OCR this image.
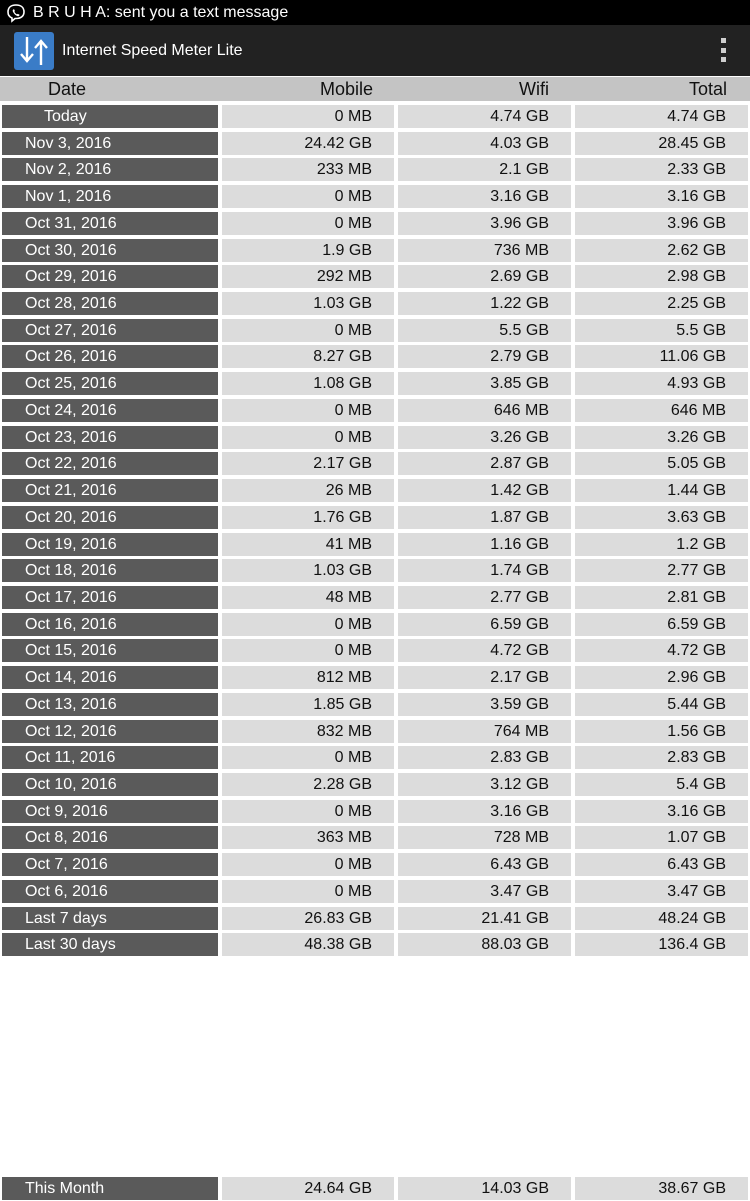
B R U H A: sent you a text message
Internet Speed Meter Lite
Date	Mobile	Wifi	Total
Today	0 MB	4.74 GB	4.74 GB
Nov 3, 2016	24.42 GB	4.03 GB	28.45 GB
Nov 2, 2016	233 MB	2.1 GB	2.33 GB
Nov 1, 2016	0 MB	3.16 GB	3.16 GB
Oct 31, 2016	0 MB	3.96 GB	3.96 GB
Oct 30, 2016	1.9 GB	736 MB	2.62 GB
Oct 29, 2016	292 MB	2.69 GB	2.98 GB
Oct 28, 2016	1.03 GB	1.22 GB	2.25 GB
Oct 27, 2016	0 MB	5.5 GB	5.5 GB
Oct 26, 2016	8.27 GB	2.79 GB	11.06 GB
Oct 25, 2016	1.08 GB	3.85 GB	4.93 GB
Oct 24, 2016	0 MB	646 MB	646 MB
Oct 23, 2016	0 MB	3.26 GB	3.26 GB
Oct 22, 2016	2.17 GB	2.87 GB	5.05 GB
Oct 21, 2016	26 MB	1.42 GB	1.44 GB
Oct 20, 2016	1.76 GB	1.87 GB	3.63 GB
Oct 19, 2016	41 MB	1.16 GB	1.2 GB
Oct 18, 2016	1.03 GB	1.74 GB	2.77 GB
Oct 17, 2016	48 MB	2.77 GB	2.81 GB
Oct 16, 2016	0 MB	6.59 GB	6.59 GB
Oct 15, 2016	0 MB	4.72 GB	4.72 GB
Oct 14, 2016	812 MB	2.17 GB	2.96 GB
Oct 13, 2016	1.85 GB	3.59 GB	5.44 GB
Oct 12, 2016	832 MB	764 MB	1.56 GB
Oct 11, 2016	0 MB	2.83 GB	2.83 GB
Oct 10, 2016	2.28 GB	3.12 GB	5.4 GB
Oct 9, 2016	0 MB	3.16 GB	3.16 GB
Oct 8, 2016	363 MB	728 MB	1.07 GB
Oct 7, 2016	0 MB	6.43 GB	6.43 GB
Oct 6, 2016	0 MB	3.47 GB	3.47 GB
Last 7 days	26.83 GB	21.41 GB	48.24 GB
Last 30 days	48.38 GB	88.03 GB	136.4 GB
This Month	24.64 GB	14.03 GB	38.67 GB
